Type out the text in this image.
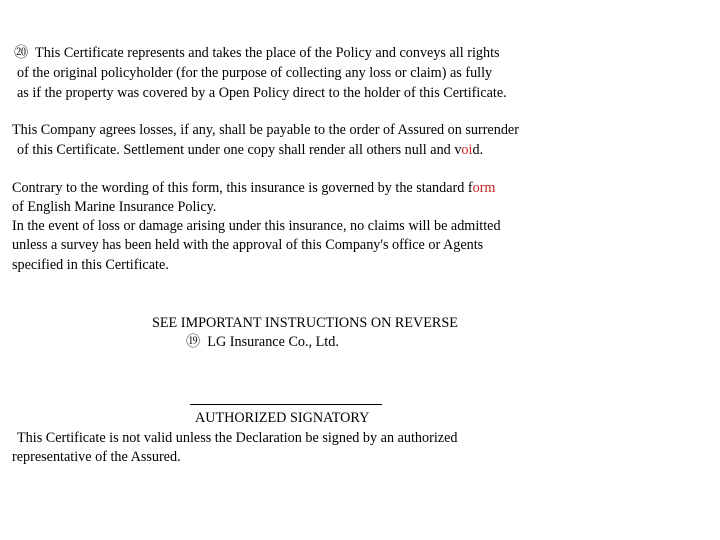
⑳ This Certificate represents and takes the place of the Policy and conveys all rights
of the original policyholder (for the purpose of collecting any loss or claim) as fully
as if the property was covered by a Open Policy direct to the holder of this Certificate.
This Company agrees losses, if any, shall be payable to the order of Assured on surrender
of this Certificate. Settlement under one copy shall render all others null and void.
Contrary to the wording of this form, this insurance is governed by the standard form
of English Marine Insurance Policy.
In the event of loss or damage arising under this insurance, no claims will be admitted
unless a survey has been held with the approval of this Company's office or Agents
specified in this Certificate.
SEE IMPORTANT INSTRUCTIONS ON REVERSE
⑲ LG Insurance Co., Ltd.
AUTHORIZED SIGNATORY
This Certificate is not valid unless the Declaration be signed by an authorized
representative of the Assured.
